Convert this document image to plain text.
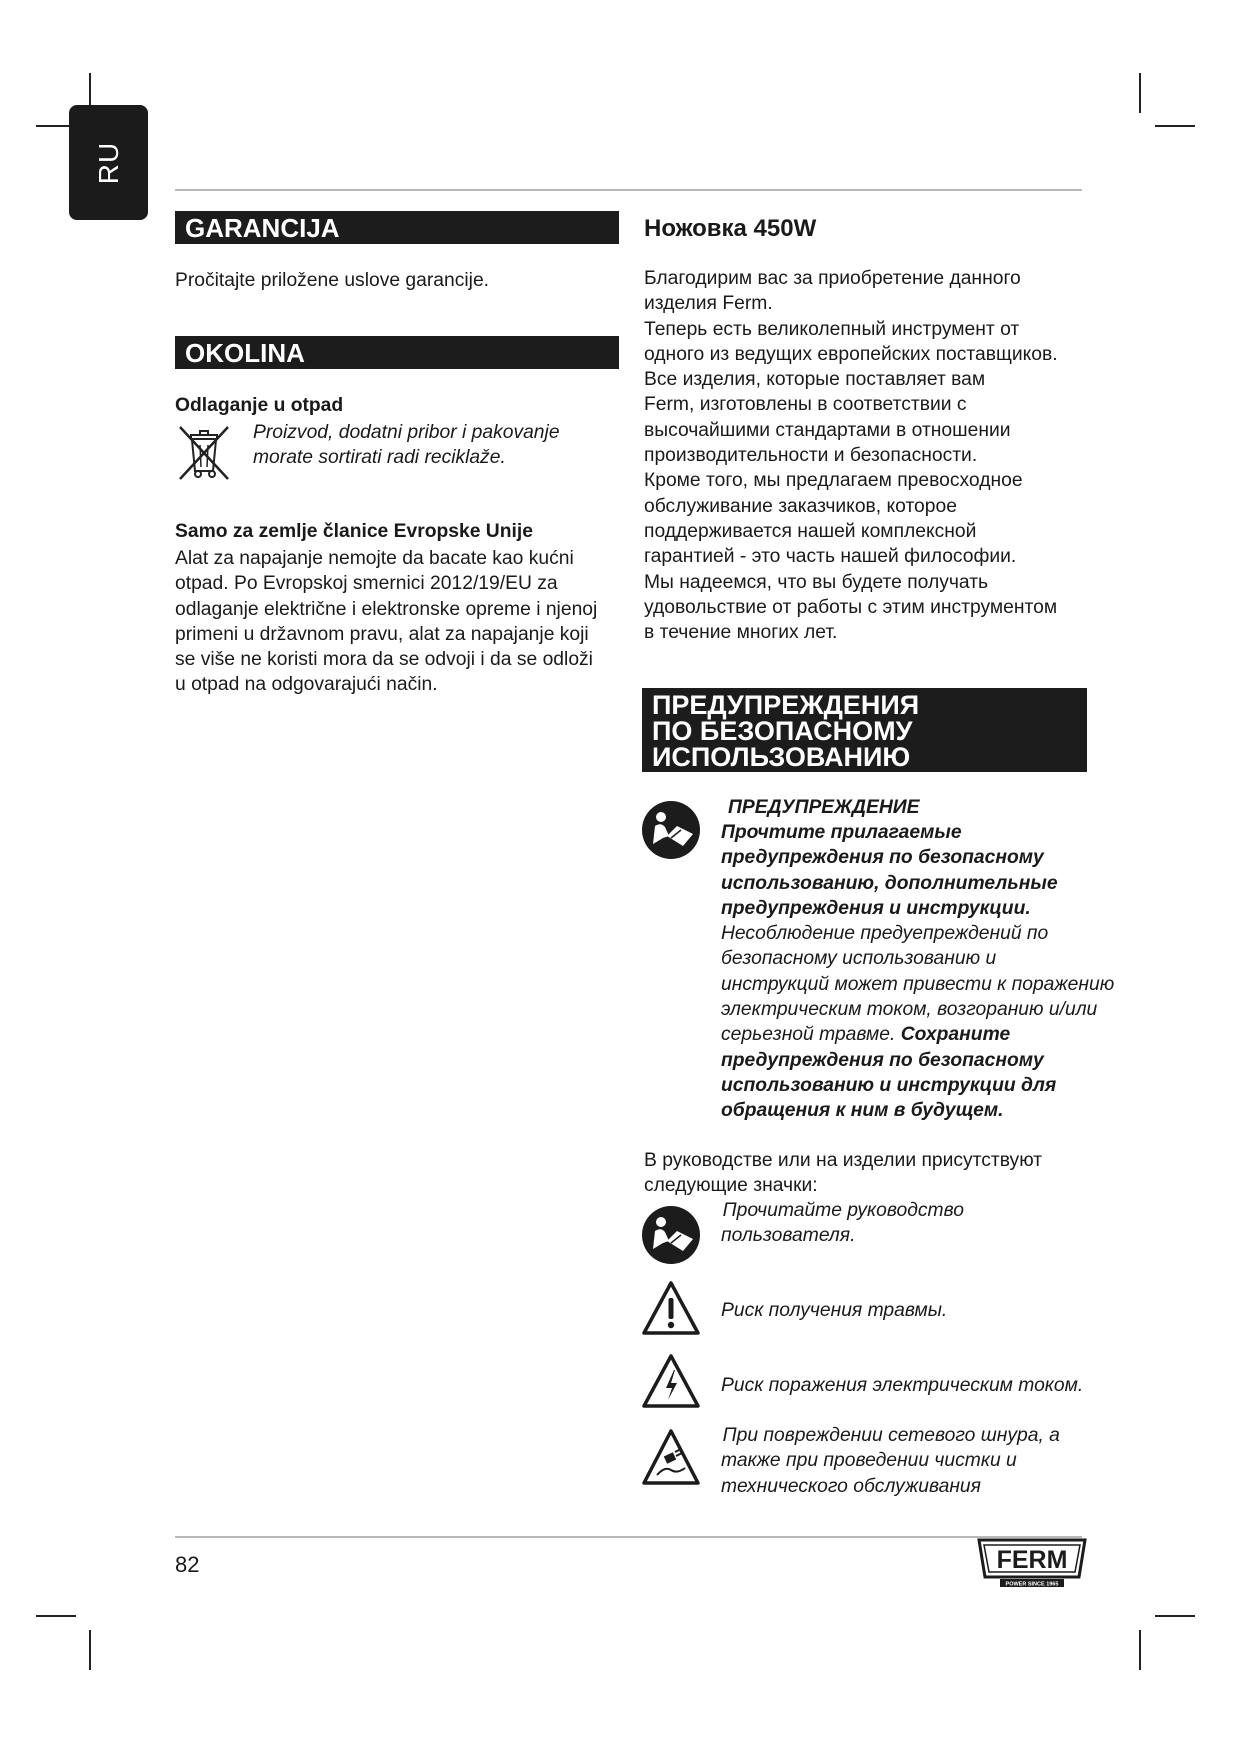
RU
GARANCIJA

Pročitajte priložene uslove garancije.

OKOLINA

Odlaganje u otpad

Proizvod, dodatni pribor i pakovanje
morate sortirati radi reciklaže.

Samo za zemlje članice Evropske Unije

Alat za napajanje nemojte da bacate kao kućni
otpad. Po Evropskoj smernici 2012/19/EU za
odlaganje električne i elektronske opreme i njenoj
primeni u državnom pravu, alat za napajanje koji
se više ne koristi mora da se odvoji i da se odloži
u otpad na odgovarajući način.

Ножовка 450W

Благодирим вас за приобретение данного
изделия Ferm.
Теперь есть великолепный инструмент от
одного из ведущих европейских поставщиков.
Все изделия, которые поставляет вам
Ferm, изготовлены в соответствии с
высочайшими стандартами в отношении
производительности и безопасности.
Кроме того, мы предлагаем превосходное
обслуживание заказчиков, которое
поддерживается нашей комплексной
гарантией - это часть нашей философии.
Мы надеемся, что вы будете получать
удовольствие от работы с этим инструментом
в течение многих лет.

ПРЕДУПРЕЖДЕНИЯ
ПО БЕЗОПАСНОМУ
ИСПОЛЬЗОВАНИЮ

ПРЕДУПРЕЖДЕНИЕ

Прочтите прилагаемые
предупреждения по безопасному
использованию, дополнительные
предупреждения и инструкции.
Несоблюдение предуепреждений по
безопасному использованию и
инструкций может привести к поражению
электрическим током, возгоранию и/или
серьезной травме. Сохраните
предупреждения по безопасному
использованию и инструкции для
обращения к ним в будущем.

В руководстве или на изделии присутствуют
следующие значки:

 Прочитайте руководство
пользователя.

Риск получения травмы.

Риск поражения электрическим током.

 При повреждении сетевого шнура, а
также при проведении чистки и
технического обслуживания

82	FERM
POWER SINCE 1965
